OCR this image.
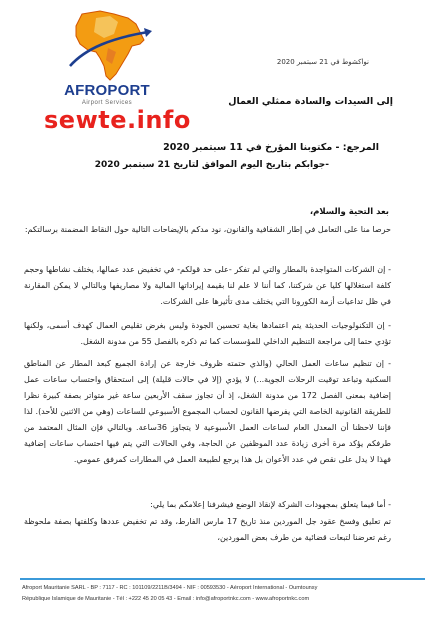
AFROPORT
Airport Services
نواكشوط في 21 سبتمبر 2020
إلى السيدات والسادة ممثلي العمال
sewte.info
المرجع: - مكتوبنا المؤرخ في 11 سبتمبر 2020
-جوابكم بتاريخ اليوم الموافق لتاريخ 21 سبتمبر 2020
بعد التحية والسلام،
حرصا منا على التعامل في إطار الشفافية والقانون، نود مدكم بالإيضاحات التالية حول النقاط المضمنة برسالتكم:
- إن الشركات المتواجدة بالمطار والتي لم تفكر -على حد قولكم- في تخفيض عدد عمالها، يختلف نشاطها وحجم كلفة استغلالها كليا عن شركتنا، كما أننا لا علم لنا بقيمة إيراداتها المالية ولا مصاريفها وبالتالي لا يمكن المقارنة في ظل تداعيات أزمة الكورونا التي يختلف مدى تأثيرها على الشركات.
- إن التكنولوجيات الحديثة يتم اعتمادها بغاية تحسين الجودة وليس بغرض تقليص العمال كهدف أسمى، ولكنها تؤدي حتما إلى مراجعة التنظيم الداخلي للمؤسسات كما تم ذكره بالفصل 55 من مدونة الشغل.
- إن تنظيم ساعات العمل الحالي (والذي حتمته ظروف خارجة عن إرادة الجميع كبعد المطار عن المناطق السكنية وتباعد توقيت الرحلات الجوية...) لا يؤدي (إلا في حالات قليلة) إلى استحقاق واحتساب ساعات عمل إضافية بمعنى الفصل 172 من مدونة الشغل، إذ أن تجاوز سقف الأربعين ساعة غير متواتر بصفة كبيرة نظرا للطريقة القانونية الخاصة التي يفرضها القانون لحساب المجموع الأسبوعي للساعات (وهي من الاثنين للأحد). لذا فإننا لاحظنا أن المعدل العام لساعات العمل الأسبوعية لا يتجاوز 36ساعة. وبالتالي فإن المثال المعتمد من طرفكم يؤكد مرة أخرى زيادة عدد الموظفين عن الحاجة، وفي الحالات التي يتم فيها احتساب ساعات إضافية فهذا لا يدل على نقص في عدد الأعوان بل هذا يرجع لطبيعة العمل في المطارات كمرفق عمومي.
- أما فيما يتعلق بمجهودات الشركة لإنقاذ الوضع فيشرفنا إعلامكم بما يلي:
تم تعليق وفسخ عقود جل الموردين منذ تاريخ 17 مارس الفارط، وقد تم تخفيض عددها وكلفتها بصفة ملحوظة رغم تعرضنا لتبعات قضائية من طرف بعض الموردين،
Afroport Mauritanie SARL - BP : 7117 - RC : 101109/2211B/3494 - NIF : 00593530 - Aéroport International - Oumtounsy
République Islamique de Mauritanie - Tél : +222 45 20 05 43 - Email : info@afroportnkc.com - www.afroportnkc.com
